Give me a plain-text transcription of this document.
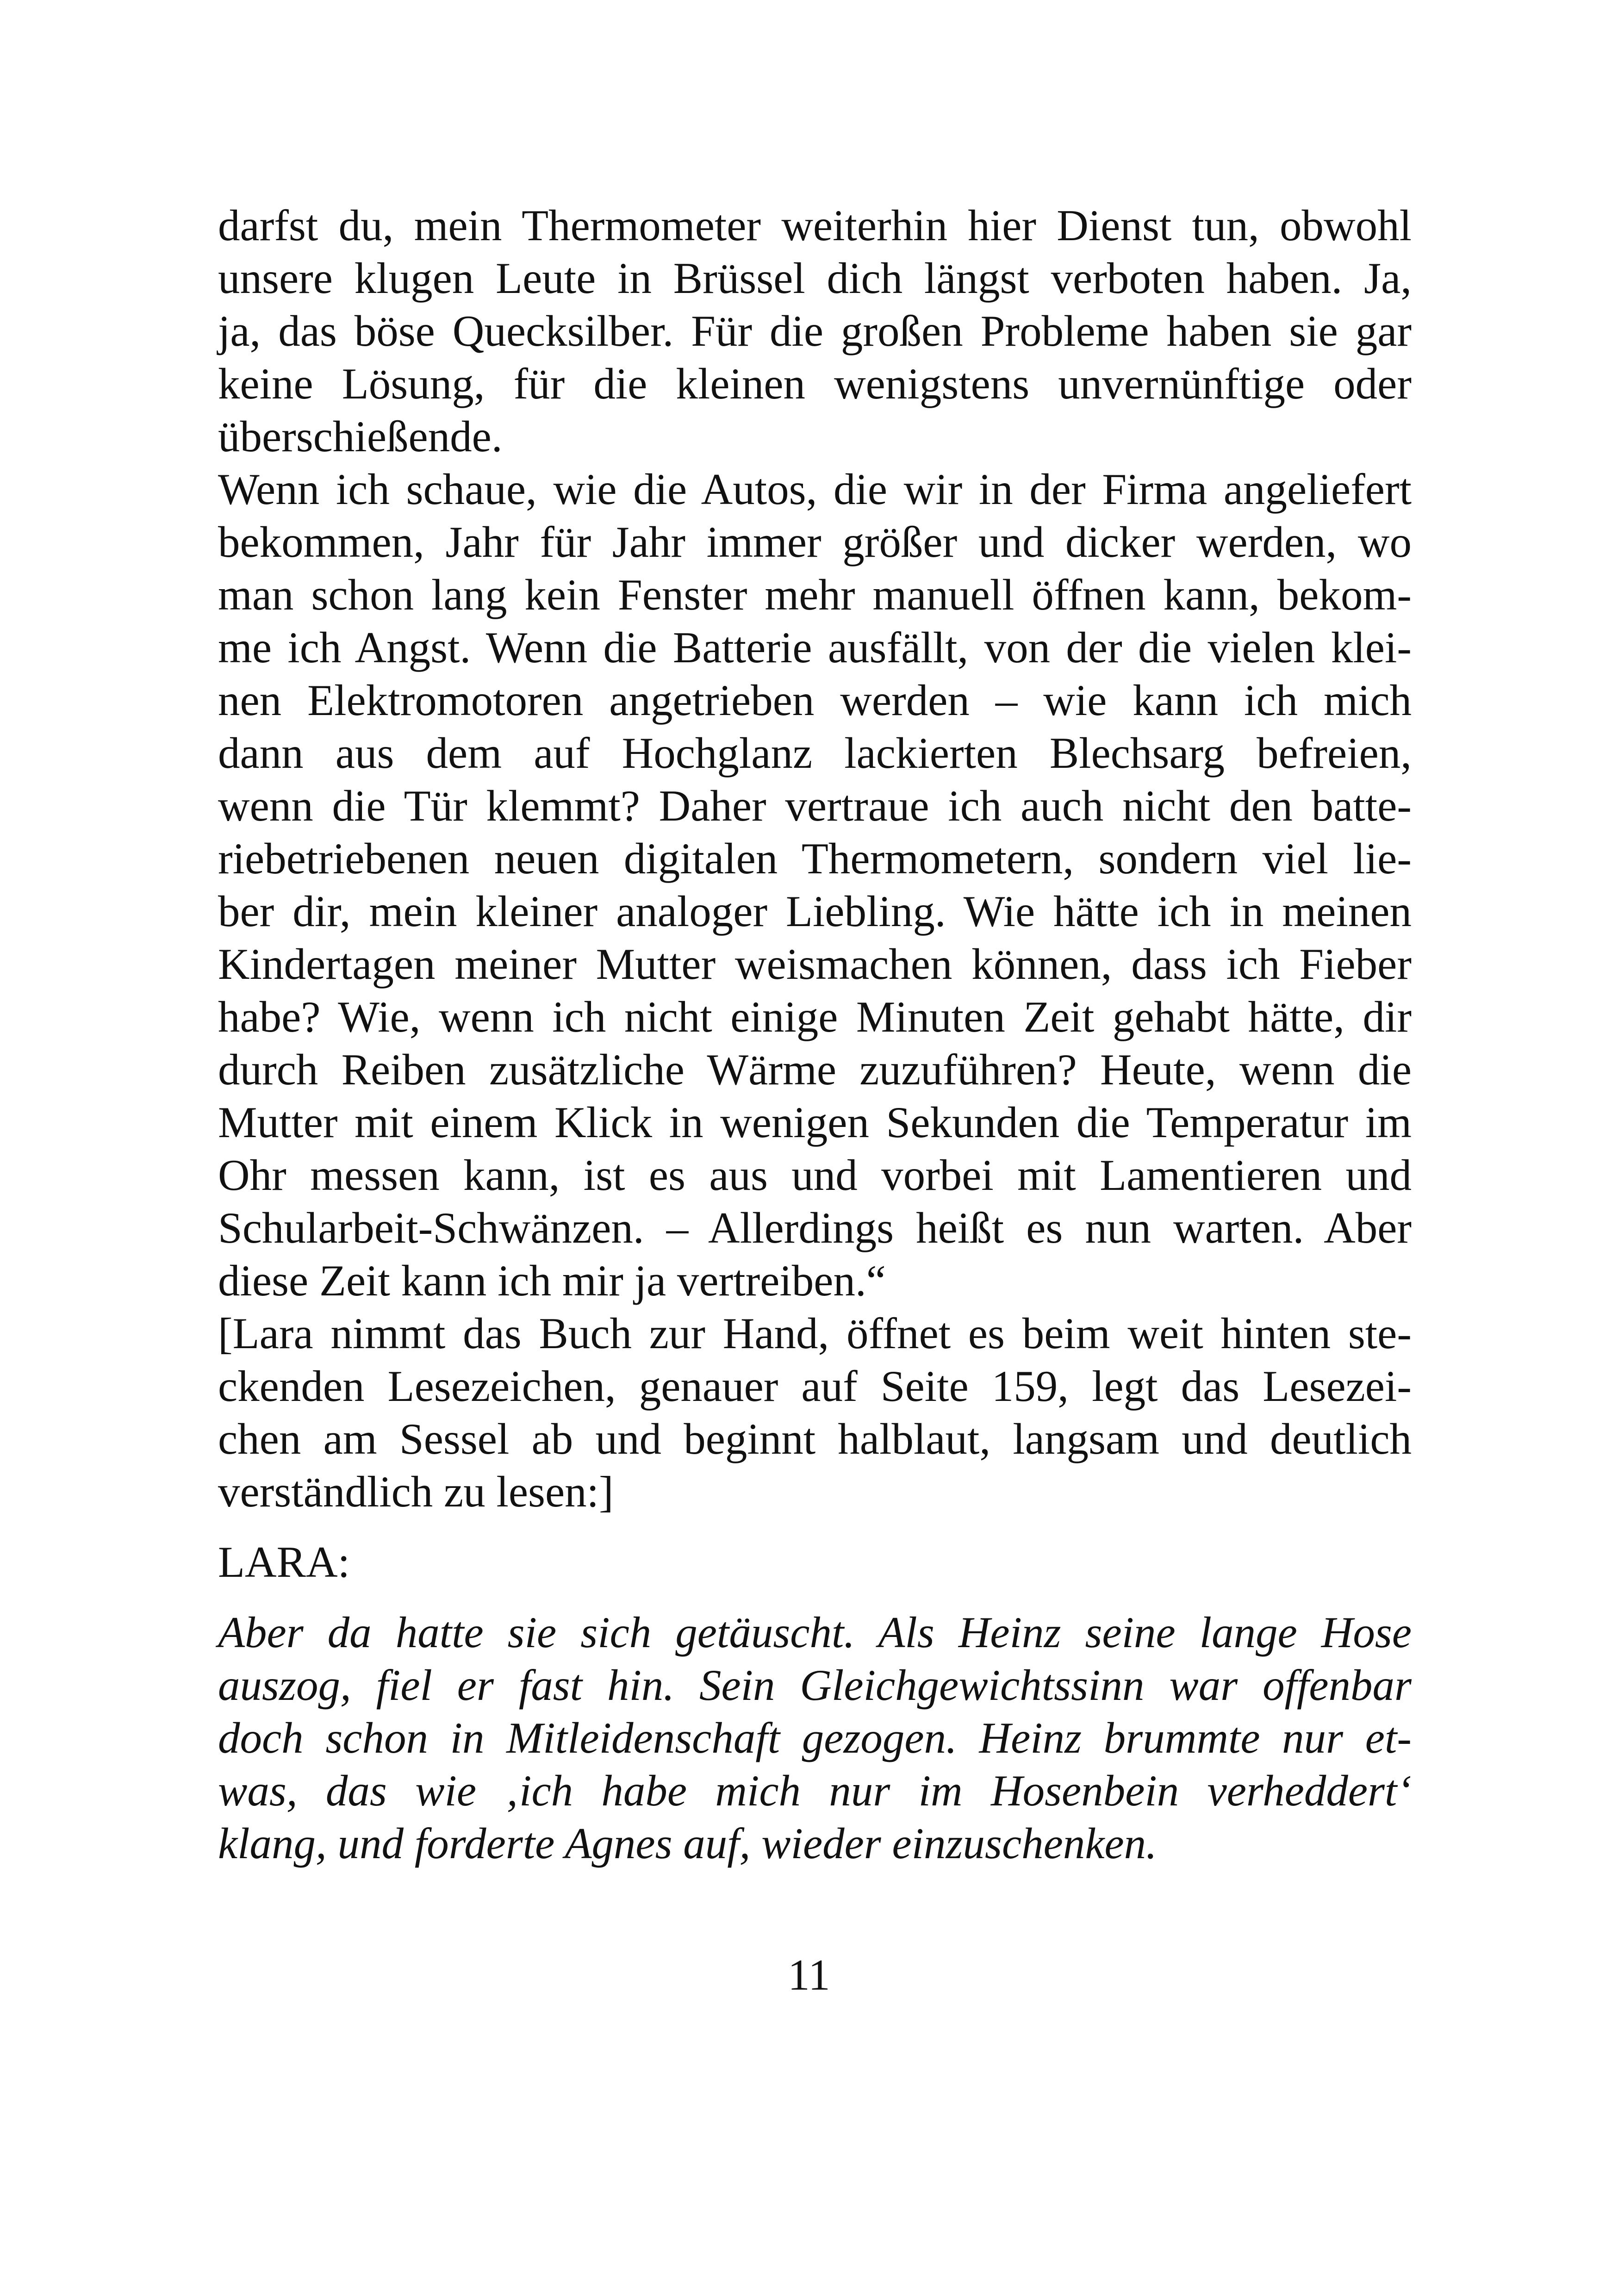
darfst du, mein Thermometer weiterhin hier Dienst tun, obwohl
unsere klugen Leute in Brüssel dich längst verboten haben. Ja,
ja, das böse Quecksilber. Für die großen Probleme haben sie gar
keine Lösung, für die kleinen wenigstens unvernünftige oder
überschießende.

Wenn ich schaue, wie die Autos, die wir in der Firma angeliefert
bekommen, Jahr für Jahr immer größer und dicker werden, wo
man schon lang kein Fenster mehr manuell öffnen kann, bekom-
me ich Angst. Wenn die Batterie ausfällt, von der die vielen klei-
nen Elektromotoren angetrieben werden – wie kann ich mich
dann aus dem auf Hochglanz lackierten Blechsarg befreien,
wenn die Tür klemmt? Daher vertraue ich auch nicht den batte-
riebetriebenen neuen digitalen Thermometern, sondern viel lie-
ber dir, mein kleiner analoger Liebling. Wie hätte ich in meinen
Kindertagen meiner Mutter weismachen können, dass ich Fieber
habe? Wie, wenn ich nicht einige Minuten Zeit gehabt hätte, dir
durch Reiben zusätzliche Wärme zuzuführen? Heute, wenn die
Mutter mit einem Klick in wenigen Sekunden die Temperatur im
Ohr messen kann, ist es aus und vorbei mit Lamentieren und
Schularbeit-Schwänzen. – Allerdings heißt es nun warten. Aber
diese Zeit kann ich mir ja vertreiben.“

[Lara nimmt das Buch zur Hand, öffnet es beim weit hinten ste-
ckenden Lesezeichen, genauer auf Seite 159, legt das Lesezei-
chen am Sessel ab und beginnt halblaut, langsam und deutlich
verständlich zu lesen:]

LARA:

Aber da hatte sie sich getäuscht. Als Heinz seine lange Hose
auszog, fiel er fast hin. Sein Gleichgewichtssinn war offenbar
doch schon in Mitleidenschaft gezogen. Heinz brummte nur et-
was, das wie ‚ich habe mich nur im Hosenbein verheddert‘
klang, und forderte Agnes auf, wieder einzuschenken.

11
